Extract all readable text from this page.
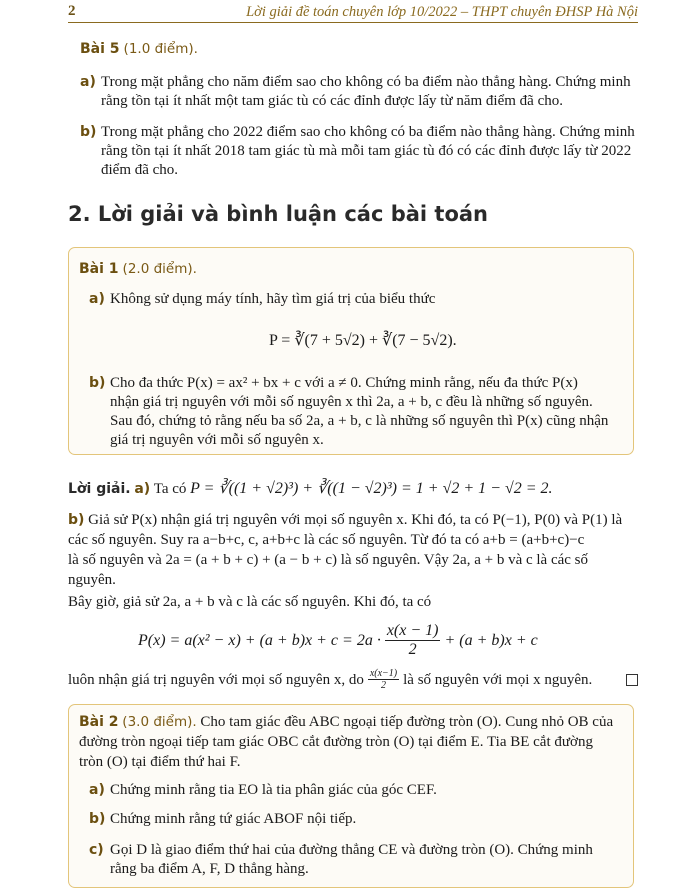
2	Lời giải đề toán chuyên lớp 10/2022 – THPT chuyên ĐHSP Hà Nội
Bài 5 (1.0 điểm).
a) Trong mặt phẳng cho năm điểm sao cho không có ba điểm nào thẳng hàng. Chứng minh rằng tồn tại ít nhất một tam giác tù có các đỉnh được lấy từ năm điểm đã cho.
b) Trong mặt phẳng cho 2022 điểm sao cho không có ba điểm nào thẳng hàng. Chứng minh rằng tồn tại ít nhất 2018 tam giác tù mà mỗi tam giác tù đó có các đỉnh được lấy từ 2022 điểm đã cho.
2. Lời giải và bình luận các bài toán
Bài 1 (2.0 điểm).
a) Không sử dụng máy tính, hãy tìm giá trị của biểu thức
P = ∛(7 + 5√2) + ∛(7 − 5√2).
b) Cho đa thức P(x) = ax² + bx + c với a ≠ 0. Chứng minh rằng, nếu đa thức P(x)
nhận giá trị nguyên với mỗi số nguyên x thì 2a, a + b, c đều là những số nguyên.
Sau đó, chứng tỏ rằng nếu ba số 2a, a + b, c là những số nguyên thì P(x) cũng nhận
giá trị nguyên với mỗi số nguyên x.
Lời giải. a) Ta có P = ∛((1 + √2)³) + ∛((1 − √2)³) = 1 + √2 + 1 − √2 = 2.
b) Giả sử P(x) nhận giá trị nguyên với mọi số nguyên x. Khi đó, ta có P(−1), P(0) và P(1) là
các số nguyên. Suy ra a−b+c, c, a+b+c là các số nguyên. Từ đó ta có a+b = (a+b+c)−c
là số nguyên và 2a = (a + b + c) + (a − b + c) là số nguyên. Vậy 2a, a + b và c là các số
nguyên.
Bây giờ, giả sử 2a, a + b và c là các số nguyên. Khi đó, ta có
$P(x) = a(x^2 - x) + (a + b)x + c = 2a \cdot \frac{x(x - 1)}{2} + (a + b)x + c$
luôn nhận giá trị nguyên với mọi số nguyên x, do $\frac{x(x-1)}{2}$ là số nguyên với mọi x nguyên.
Bài 2 (3.0 điểm). Cho tam giác đều ABC ngoại tiếp đường tròn (O). Cung nhỏ OB của
đường tròn ngoại tiếp tam giác OBC cắt đường tròn (O) tại điểm E. Tia BE cắt đường
tròn (O) tại điểm thứ hai F.
a) Chứng minh rằng tia EO là tia phân giác của góc CEF.
b) Chứng minh rằng tứ giác ABOF nội tiếp.
c) Gọi D là giao điểm thứ hai của đường thẳng CE và đường tròn (O). Chứng minh
rằng ba điểm A, F, D thẳng hàng.
